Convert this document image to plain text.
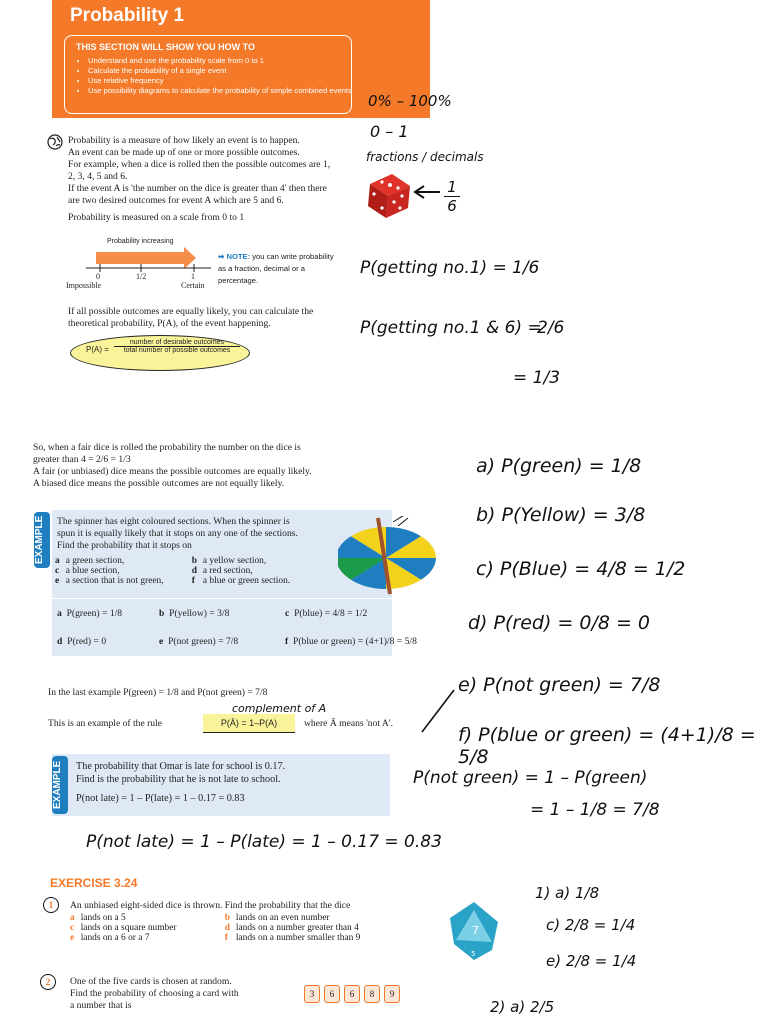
Probability 1
THIS SECTION WILL SHOW YOU HOW TO
• Understand and use the probability scale from 0 to 1
• Calculate the probability of a single event
• Use relative frequency
• Use possibility diagrams to calculate the probability of simple combined events
Probability is a measure of how likely an event is to happen.
An event can be made up of one or more possible outcomes.
For example, when a dice is rolled then the possible outcomes are 1,
2, 3, 4, 5 and 6.
If the event A is 'the number on the dice is greater than 4' then there
are two desired outcomes for event A which are 5 and 6.
Probability is measured on a scale from 0 to 1
Probability increasing
0	1/2	1
Impossible	Certain
➡ NOTE: you can write probability as a fraction, decimal or a percentage.
If all possible outcomes are equally likely, you can calculate the
theoretical probability, P(A), of the event happening.
P(A) =
number of desirable outcomes
total number of possible outcomes
So, when a fair dice is rolled the probability the number on the dice is
greater than 4 = 2/6 = 1/3
A fair (or unbiased) dice means the possible outcomes are equally likely.
A biased dice means the possible outcomes are not equally likely.
EXAMPLE	The spinner has eight coloured sections. When the spinner is
spun it is equally likely that it stops on any one of the sections.
Find the probability that it stops on
a	a green section,	b	a yellow section,
c	a blue section,	d	a red section,
e	a section that is not green,	f	a blue or green section.
a P(green) = 1/8	b P(yellow) = 3/8	c P(blue) = 4/8 = 1/2
d P(red) = 0	e P(not green) = 7/8	f P(blue or green) = (4+1)/8 = 5/8
In the last example P(green) = 1/8 and P(not green) = 7/8
This is an example of the rule	P(Ā) = 1–P(A)	where Ā means 'not A'.
EXAMPLE	The probability that Omar is late for school is 0.17.
Find is the probability that he is not late to school.
P(not late) = 1 – P(late) = 1 – 0.17 = 0.83
EXERCISE 3.24
1	An unbiased eight-sided dice is thrown. Find the probability that the dice
a	lands on a 5	b	lands on an even number
c	lands on a square number	d	lands on a number greater than 4
e	lands on a 6 or a 7	f	lands on a number smaller than 9
7
5
2	One of the five cards is chosen at random.
Find the probability of choosing a card with
a number that is
3 6 6 8 9
0% – 100%
0 – 1
fractions / decimals
$\frac{1}{6}$
P(getting no.1) = 1/6
P(getting no.1 & 6) =
2/6
= 1/3
a) P(green) = 1/8
b) P(Yellow) = 3/8
c) P(Blue) = 4/8 = 1/2
d) P(red) = 0/8 = 0
e) P(not green) = 7/8
f) P(blue or green) = (4+1)/8 = 5/8
complement of A
P(not green) = 1 – P(green)
= 1 – 1/8 = 7/8
P(not late) = 1 – P(late) = 1 – 0.17 = 0.83
1) a) 1/8
c) 2/8 = 1/4
e) 2/8 = 1/4
2) a) 2/5
